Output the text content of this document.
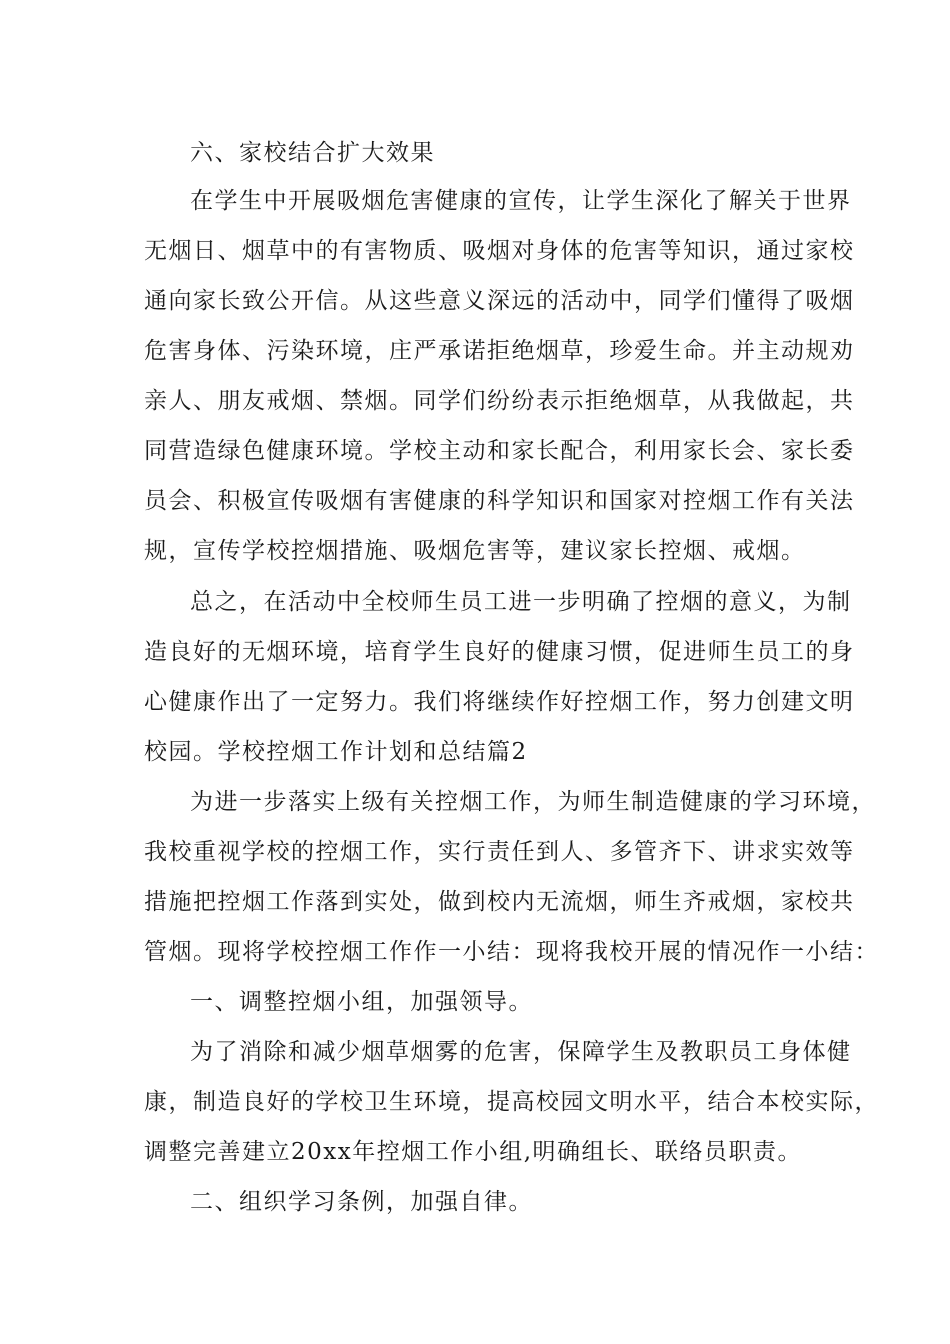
六、家校结合扩大效果
在学生中开展吸烟危害健康的宣传，让学生深化了解关于世界
无烟日、烟草中的有害物质、吸烟对身体的危害等知识，通过家校
通向家长致公开信。从这些意义深远的活动中，同学们懂得了吸烟
危害身体、污染环境，庄严承诺拒绝烟草，珍爱生命。并主动规劝
亲人、朋友戒烟、禁烟。同学们纷纷表示拒绝烟草，从我做起，共
同营造绿色健康环境。学校主动和家长配合，利用家长会、家长委
员会、积极宣传吸烟有害健康的科学知识和国家对控烟工作有关法
规，宣传学校控烟措施、吸烟危害等，建议家长控烟、戒烟。
总之，在活动中全校师生员工进一步明确了控烟的意义，为制
造良好的无烟环境，培育学生良好的健康习惯，促进师生员工的身
心健康作出了一定努力。我们将继续作好控烟工作，努力创建文明
校园。学校控烟工作计划和总结篇2
为进一步落实上级有关控烟工作，为师生制造健康的学习环境，
我校重视学校的控烟工作，实行责任到人、多管齐下、讲求实效等
措施把控烟工作落到实处，做到校内无流烟，师生齐戒烟，家校共
管烟。现将学校控烟工作作一小结：现将我校开展的情况作一小结：
一、调整控烟小组，加强领导。
为了消除和减少烟草烟雾的危害，保障学生及教职员工身体健
康，制造良好的学校卫生环境，提高校园文明水平，结合本校实际，
调整完善建立20xx年控烟工作小组,明确组长、联络员职责。
二、组织学习条例，加强自律。
